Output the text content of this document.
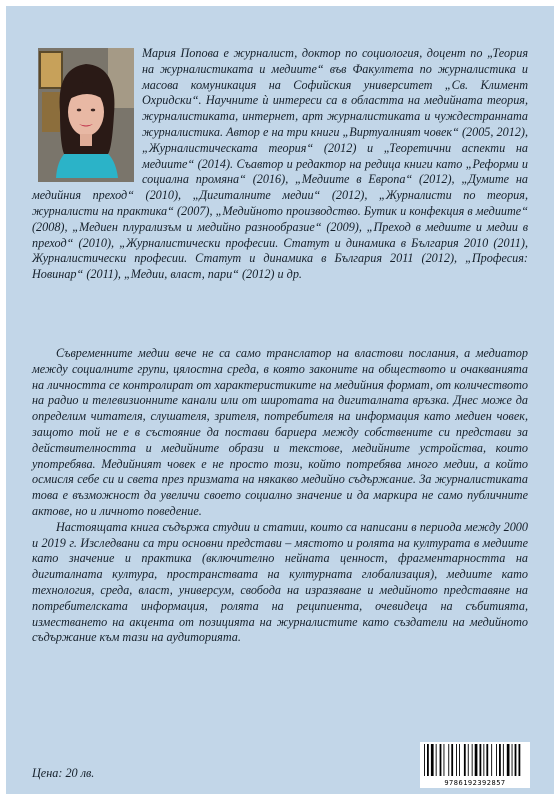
Мария Попова е журналист, доктор по социология, доцент по „Теория на журналистиката и медиите“ във Факултета по журналистика и масова комуникация на Софийския университет „Св. Климент Охридски“. Научните ѝ интереси са в областта на медийната теория, журналистиката, интернет, арт журналистиката и чуждестранната журналистика. Автор е на три книги „Виртуалният човек“ (2005, 2012), „Журналистическата теория“ (2012) и „Теоретични аспекти на медиите“ (2014). Съавтор и редактор на редица книги като „Реформи и социална промяна“ (2016), „Медиите в Европа“ (2012), „Думите на медийния преход“ (2010), „Дигиталните медии“ (2012), „Журналисти по теория, журналисти на практика“ (2007), „Медийното производство. Бутик и конфекция в медиите“ (2008), „Медиен плурализъм и медийно разнообразие“ (2009), „Преход в медиите и медии в преход“ (2010), „Журналистически професии. Статут и динамика в България 2010 (2011), Журналистически професии. Статут и динамика в България 2011 (2012), „Професия: Новинар“ (2011), „Медии, власт, пари“ (2012) и др.

Съвременните медии вече не са само транслатор на властови послания, а медиатор между социалните групи, цялостна среда, в която законите на обществото и очакванията на личността се контролират от характеристиките на медийния формат, от количеството на радио и телевизионните канали или от широтата на дигиталната връзка. Днес може да определим читателя, слушателя, зрителя, потребителя на информация като медиен човек, защото той не е в състояние да постави бариера между собствените си представи за действителността и медийните образи и текстове, медийните устройства, които употребява. Медийният човек е не просто този, който потребява много медии, а който осмисля себе си и света през призмата на някакво медийно съдържание. За журналистиката това е възможност да увеличи своето социално значение и да маркира не само публичните актове, но и личното поведение.

Настоящата книга съдържа студии и статии, които са написани в периода между 2000 и 2019 г. Изследвани са три основни представи – мястото и ролята на културата в медиите като значение и практика (включително нейната ценност, фрагментарността на дигиталната култура, пространствата на културната глобализация), медиите като технология, среда, власт, универсум, свобода на изразяване и медийното представяне на потребителската информация, ролята на реципиента, очевидеца на събитията, изместването на акцента от позицията на журналистите като създатели на медийното съдържание към тази на аудиторията.

Цена: 20 лв.
9786192392857
